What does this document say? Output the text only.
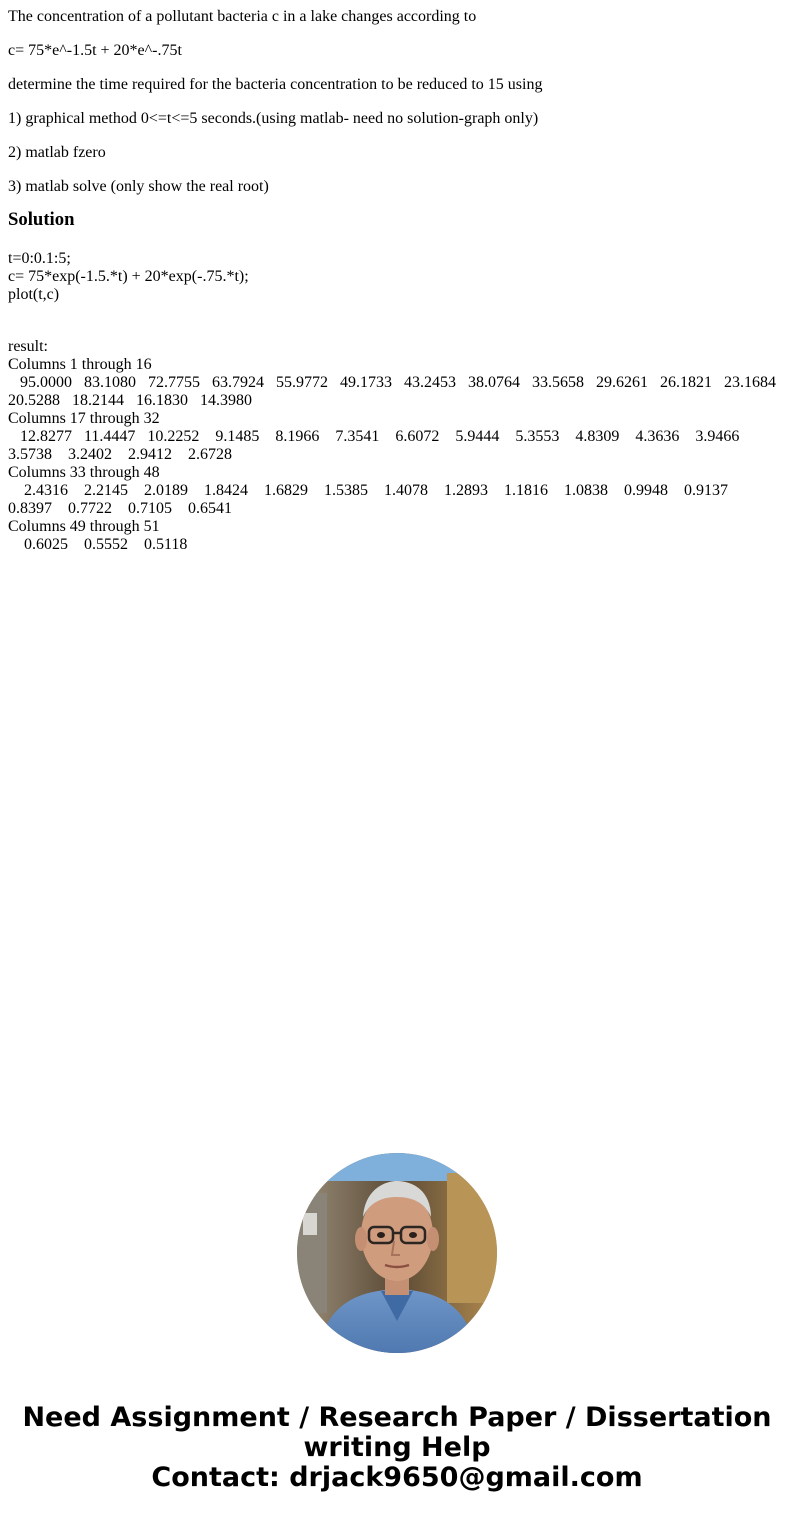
The concentration of a pollutant bacteria c in a lake changes according to

c= 75*e^-1.5t + 20*e^-.75t

determine the time required for the bacteria concentration to be reduced to 15 using

1) graphical method 0<=t<=5 seconds.(using matlab- need no solution-graph only)

2) matlab fzero

3) matlab solve (only show the real root)

Solution
t=0:0.1:5;
c= 75*exp(-1.5.*t) + 20*exp(-.75.*t);
plot(t,c)

result:

Columns 1 through 16

95.0000   83.1080   72.7755   63.7924   55.9772   49.1733   43.2453   38.0764   33.5658   29.6261   26.1821   23.1684   20.5288   18.2144   16.1830   14.3980

Columns 17 through 32

12.8277   11.4447   10.2252    9.1485    8.1966    7.3541    6.6072    5.9444    5.3553    4.8309    4.3636    3.9466    3.5738    3.2402    2.9412    2.6728

Columns 33 through 48

2.4316    2.2145    2.0189    1.8424    1.6829    1.5385    1.4078    1.2893    1.1816    1.0838    0.9948    0.9137    0.8397    0.7722    0.7105    0.6541

Columns 49 through 51

0.6025    0.5552    0.5118

Need Assignment / Research Paper / Dissertation
writing Help
Contact: drjack9650@gmail.com
